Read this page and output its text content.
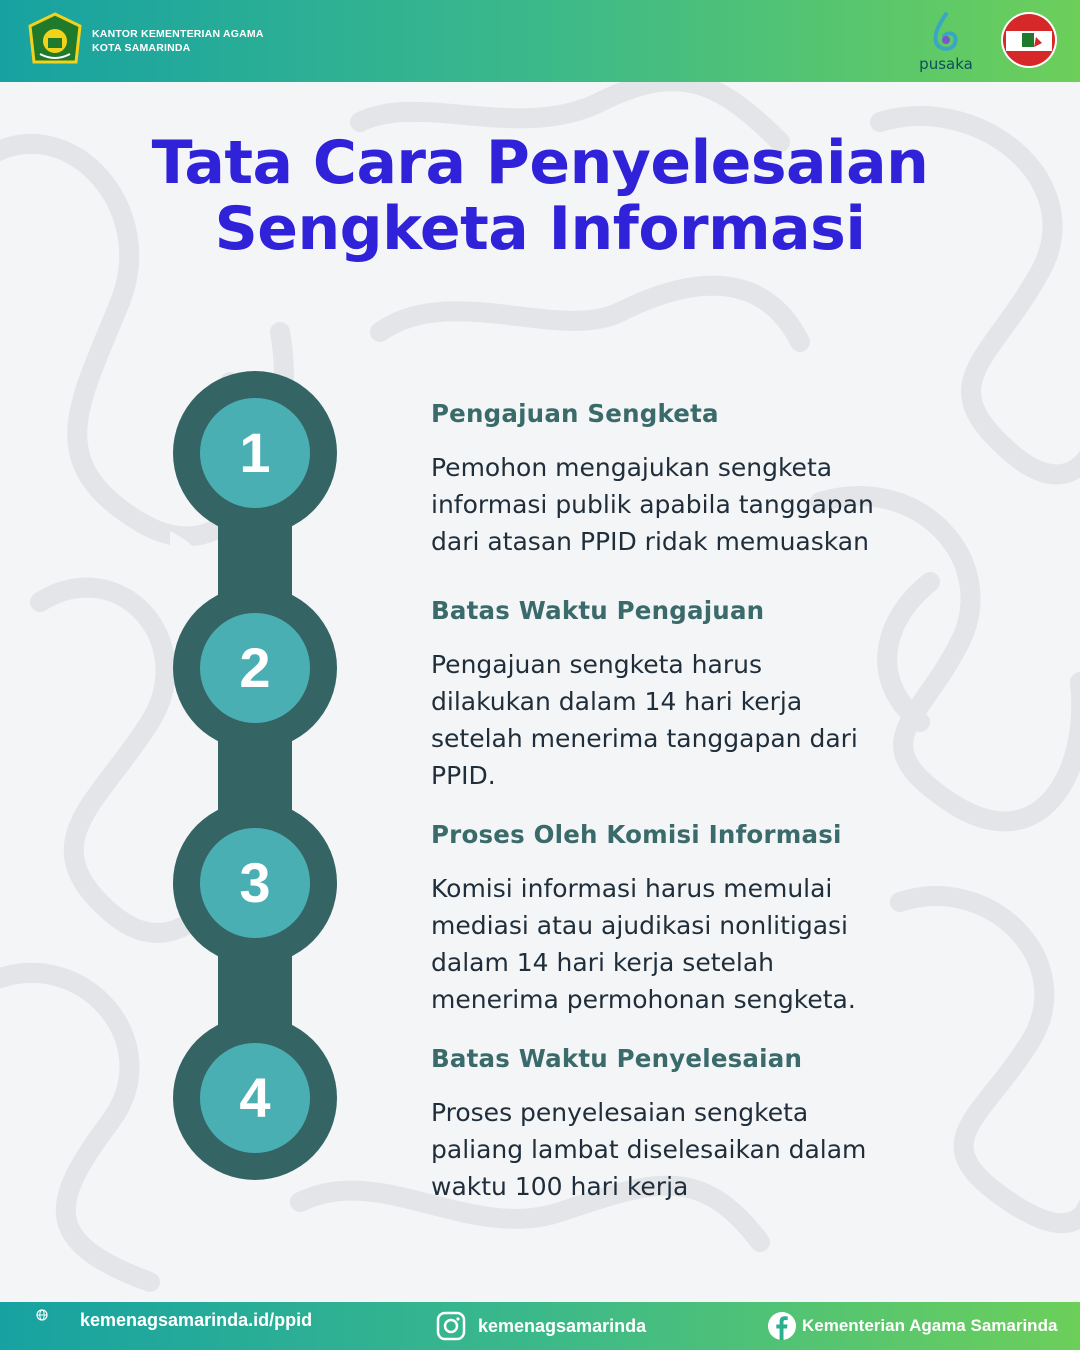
KANTOR KEMENTERIAN AGAMA
KOTA SAMARINDA
pusaka
Tata Cara Penyelesaian
Sengketa Informasi
1
2
3
4
Pengajuan Sengketa
Pemohon mengajukan sengketa
informasi publik apabila tanggapan
dari atasan PPID ridak memuaskan
Batas Waktu Pengajuan
Pengajuan sengketa harus
dilakukan dalam 14 hari kerja
setelah menerima tanggapan dari
PPID.
Proses Oleh Komisi Informasi
Komisi informasi harus memulai
mediasi atau ajudikasi nonlitigasi
dalam 14 hari kerja setelah
menerima permohonan sengketa.
Batas Waktu Penyelesaian
Proses penyelesaian sengketa
paliang lambat diselesaikan dalam
waktu 100 hari kerja
kemenagsamarinda.id/ppid	kemenagsamarinda	Kementerian Agama Samarinda
